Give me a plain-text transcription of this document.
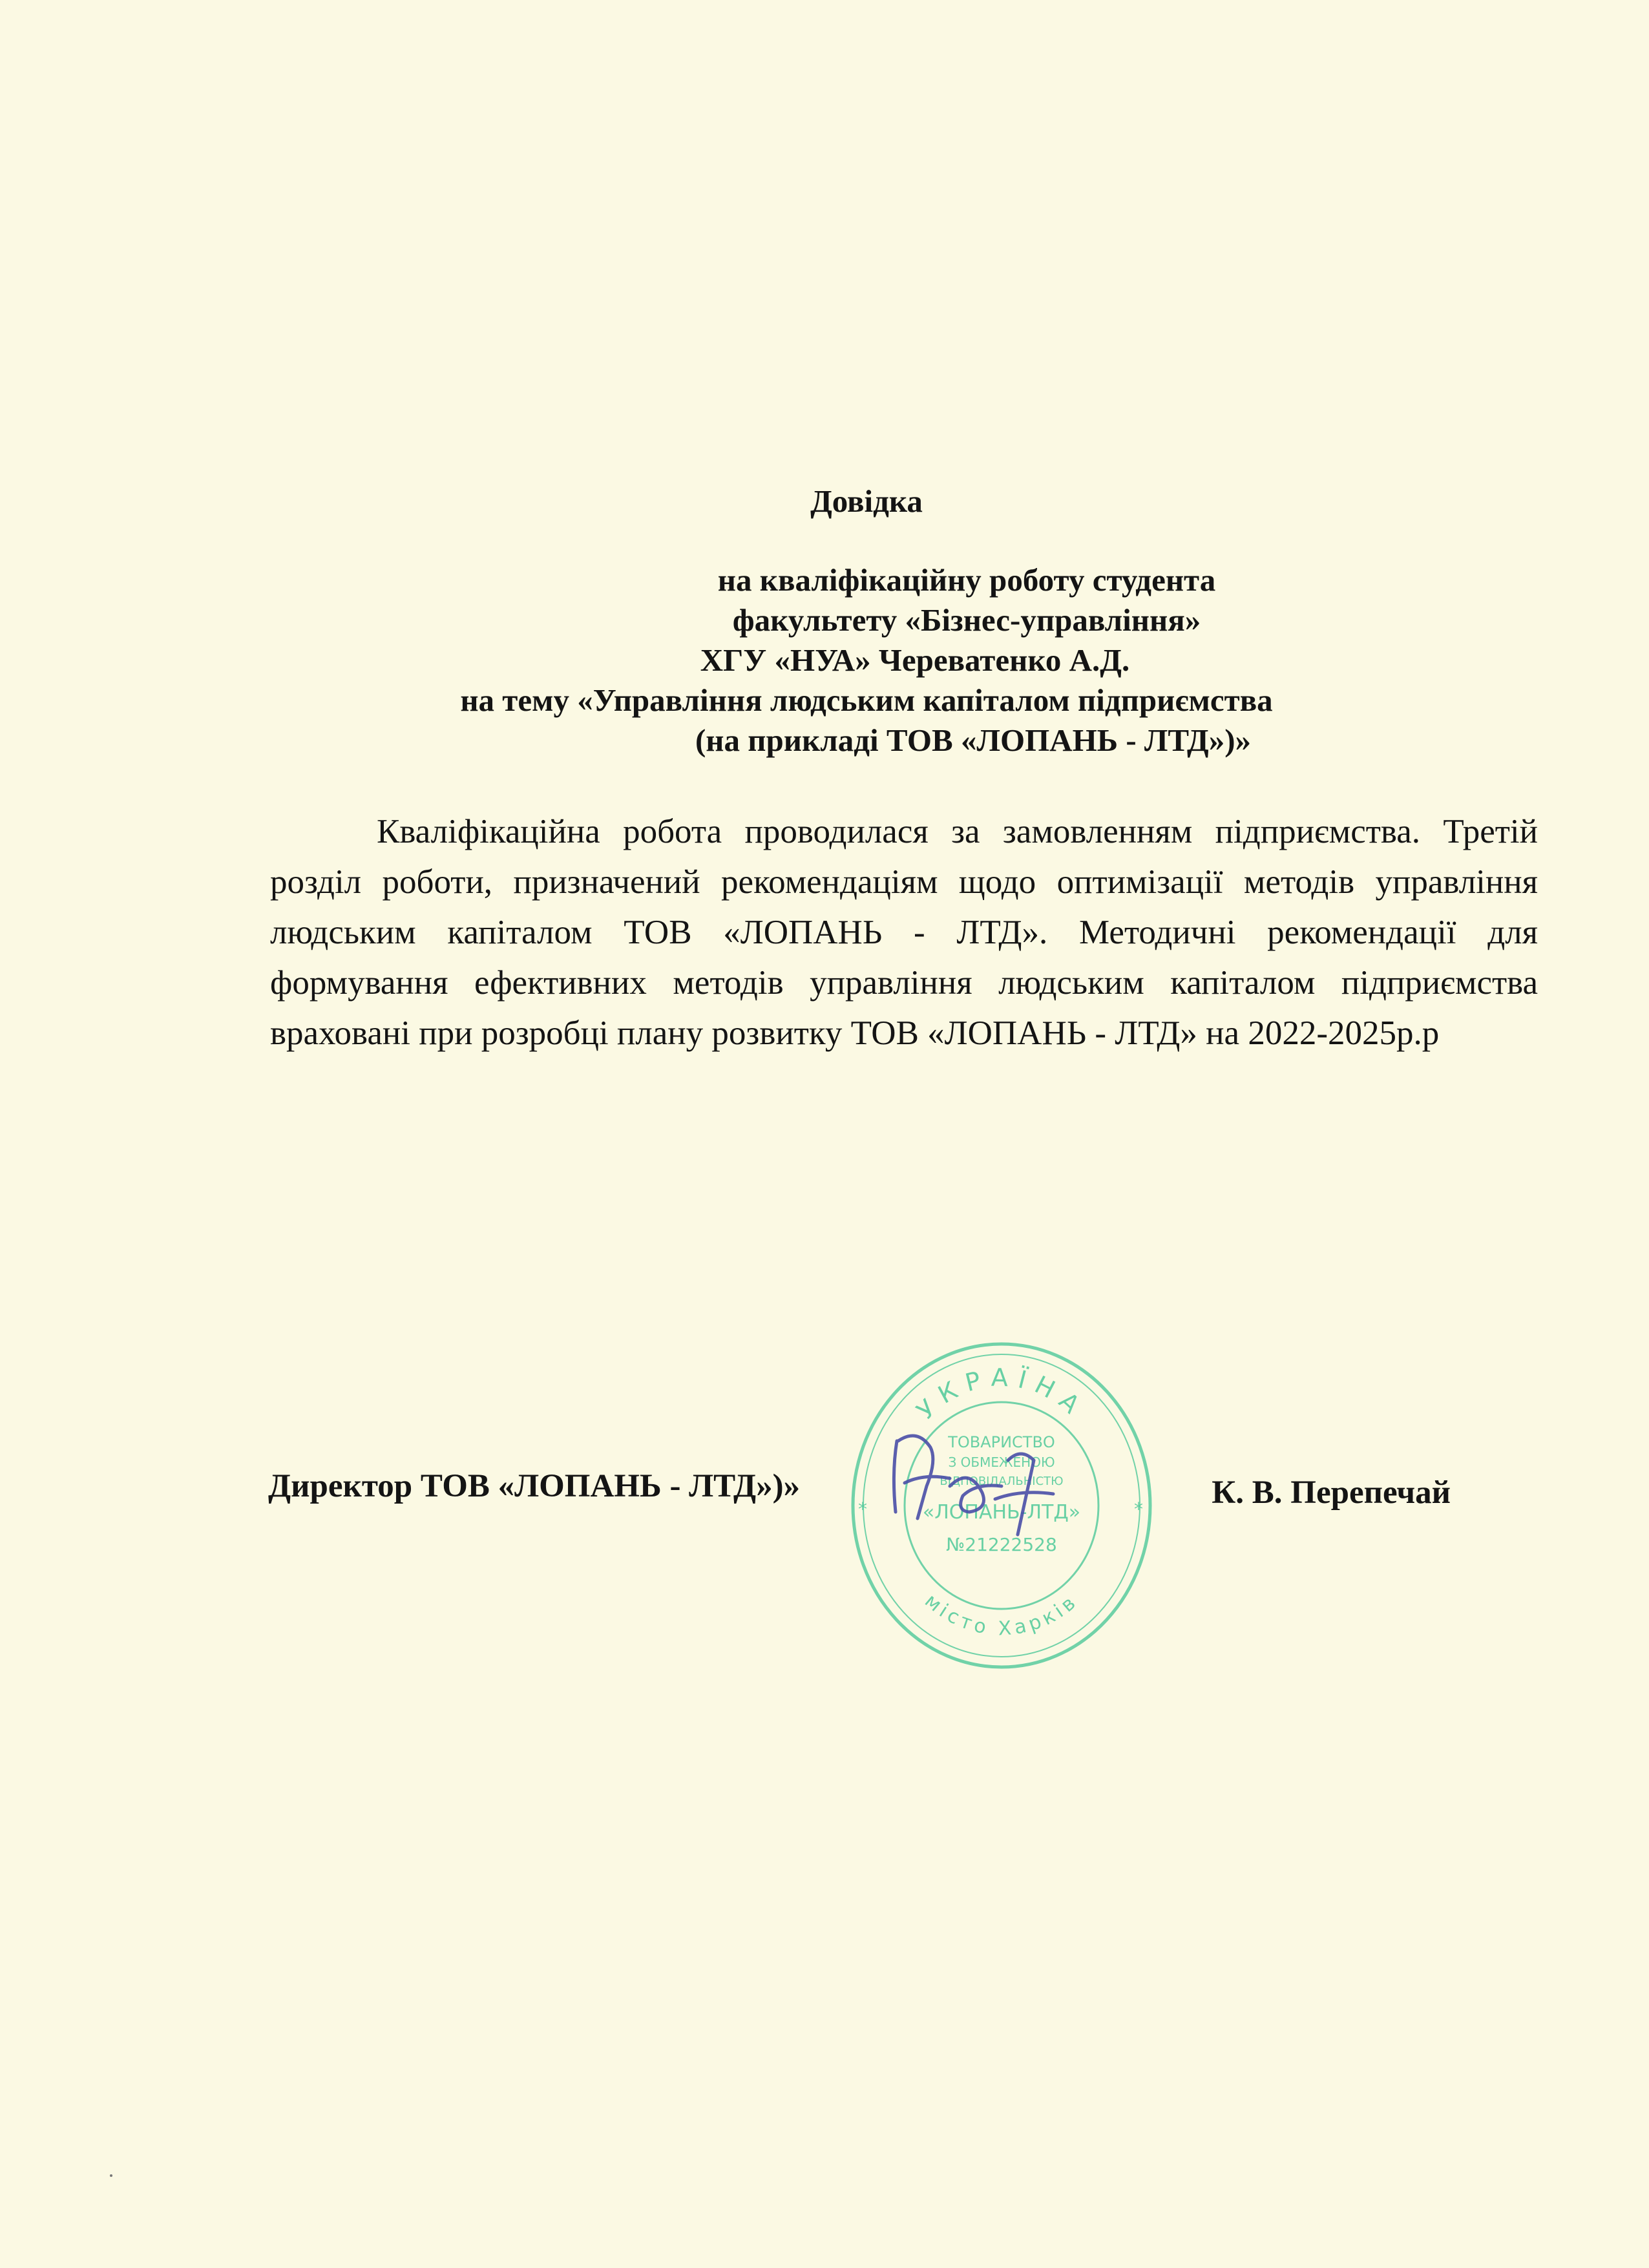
Довідка
на кваліфікаційну роботу студента
факультету «Бізнес-управління»
ХГУ «НУА» Череватенко А.Д.
на тему «Управління людським капіталом підприємства
(на прикладі ТОВ «ЛОПАНЬ - ЛТД»)»

Кваліфікаційна робота проводилася за замовленням підприємства. Третій розділ роботи, призначений рекомендаціям щодо оптимізації методів управління людським капіталом ТОВ «ЛОПАНЬ - ЛТД». Методичні рекомендації для формування ефективних методів управління людським капіталом підприємства враховані при розробці плану розвитку ТОВ «ЛОПАНЬ - ЛТД» на 2022-2025р.р

УКРАЇНА
місто Харків
ТОВАРИСТВО
З ОБМЕЖЕНОЮ
ВІДПОВІДАЛЬНІСТЮ
«ЛОПАНЬ-ЛТД»
№21222528
*	*
Директор ТОВ «ЛОПАНЬ - ЛТД»)»	К. В. Перепечай
